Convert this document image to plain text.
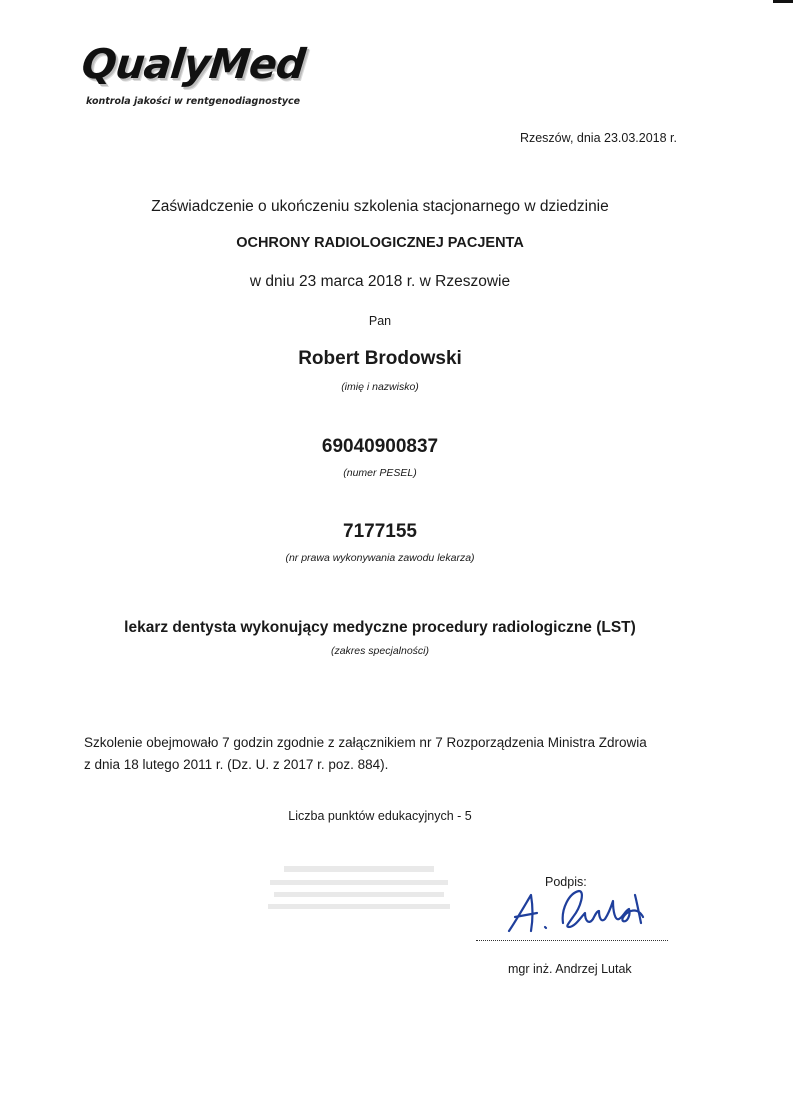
QualyMed
kontrola jakości w rentgenodiagnostyce
Rzeszów, dnia 23.03.2018 r.
Zaświadczenie o ukończeniu szkolenia stacjonarnego w dziedzinie
OCHRONY RADIOLOGICZNEJ PACJENTA
w dniu 23 marca 2018 r. w Rzeszowie
Pan
Robert Brodowski
(imię i nazwisko)
69040900837
(numer PESEL)
7177155
(nr prawa wykonywania zawodu lekarza)
lekarz dentysta wykonujący medyczne procedury radiologiczne (LST)
(zakres specjalności)
Szkolenie obejmowało 7 godzin zgodnie z załącznikiem nr 7 Rozporządzenia Ministra Zdrowia
z dnia 18 lutego 2011 r. (Dz. U. z 2017 r. poz. 884).
Liczba punktów edukacyjnych - 5
Podpis:
mgr inż. Andrzej Lutak
